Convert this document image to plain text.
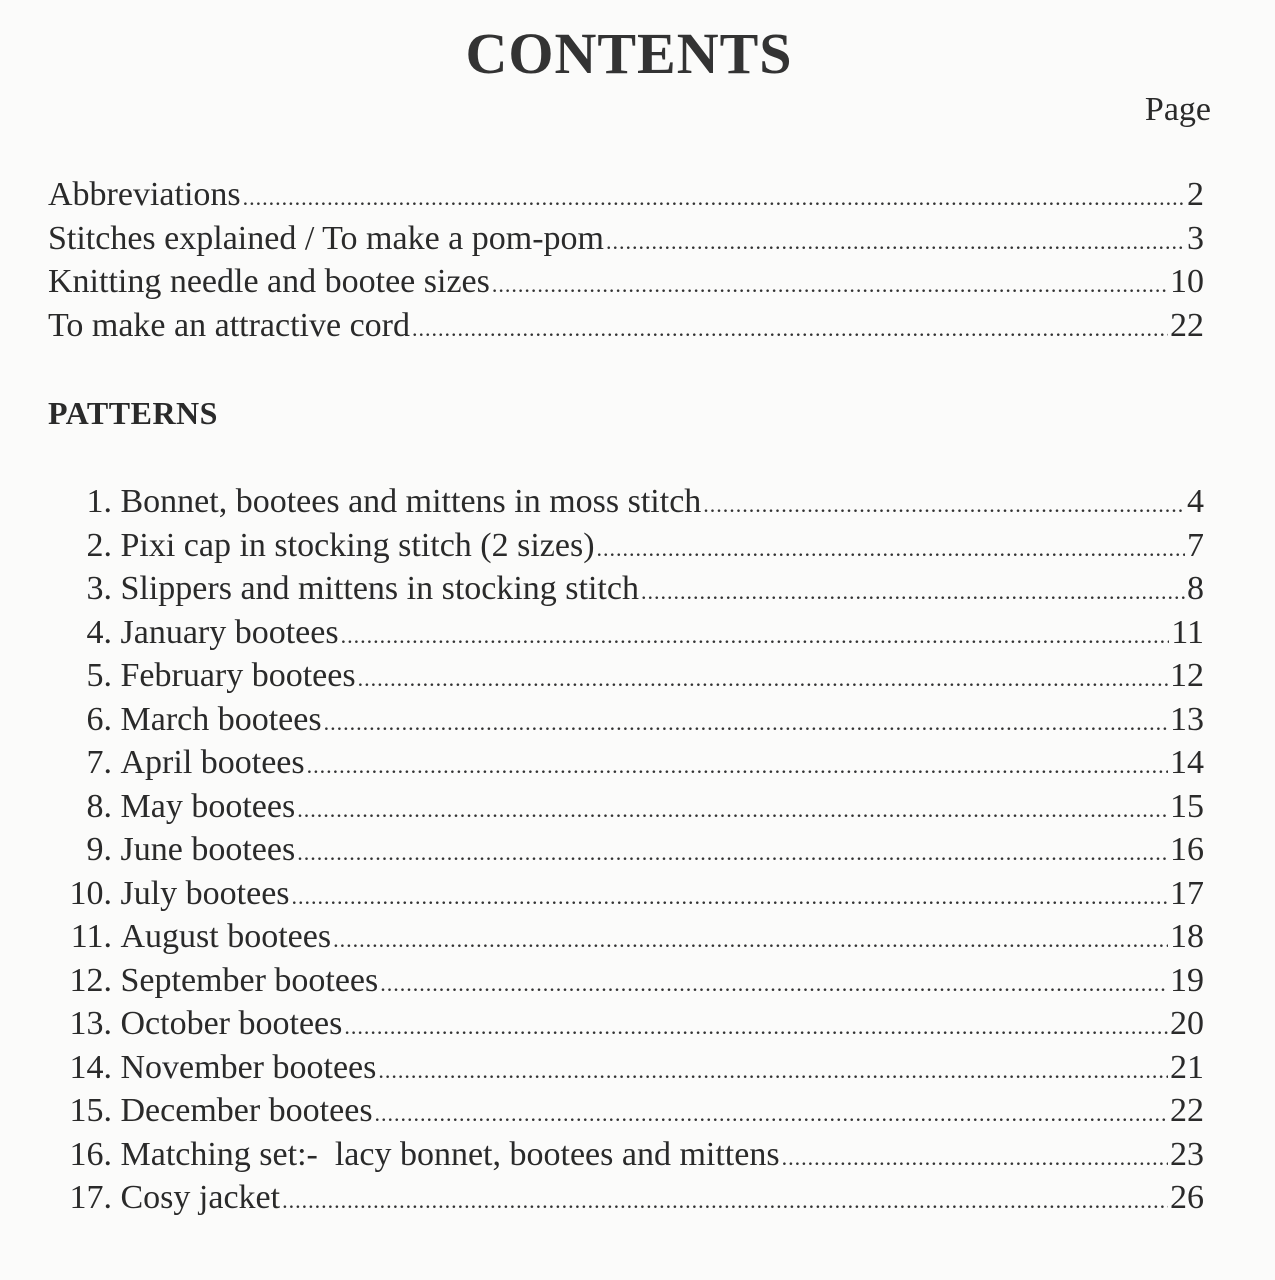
CONTENTS
Page
Abbreviations .....	2
Stitches explained / To make a pom-pom .....	3
Knitting needle and bootee sizes .....	10
To make an attractive cord .....	22
PATTERNS
1.
Bonnet, bootees and mittens in moss stitch .....	4
2.
Pixi cap in stocking stitch (2 sizes) .....	7
3.
Slippers and mittens in stocking stitch .....	8
4.
January bootees .....	11
5.
February bootees .....	12
6.
March bootees .....	13
7.
April bootees .....	14
8.
May bootees .....	15
9.
June bootees .....	16
10.
July bootees .....	17
11.
August bootees .....	18
12.
September bootees .....	19
13.
October bootees .....	20
14.
November bootees .....	21
15.
December bootees .....	22
16.
Matching set:-  lacy bonnet, bootees and mittens .....	23
17.
Cosy jacket .....	26
